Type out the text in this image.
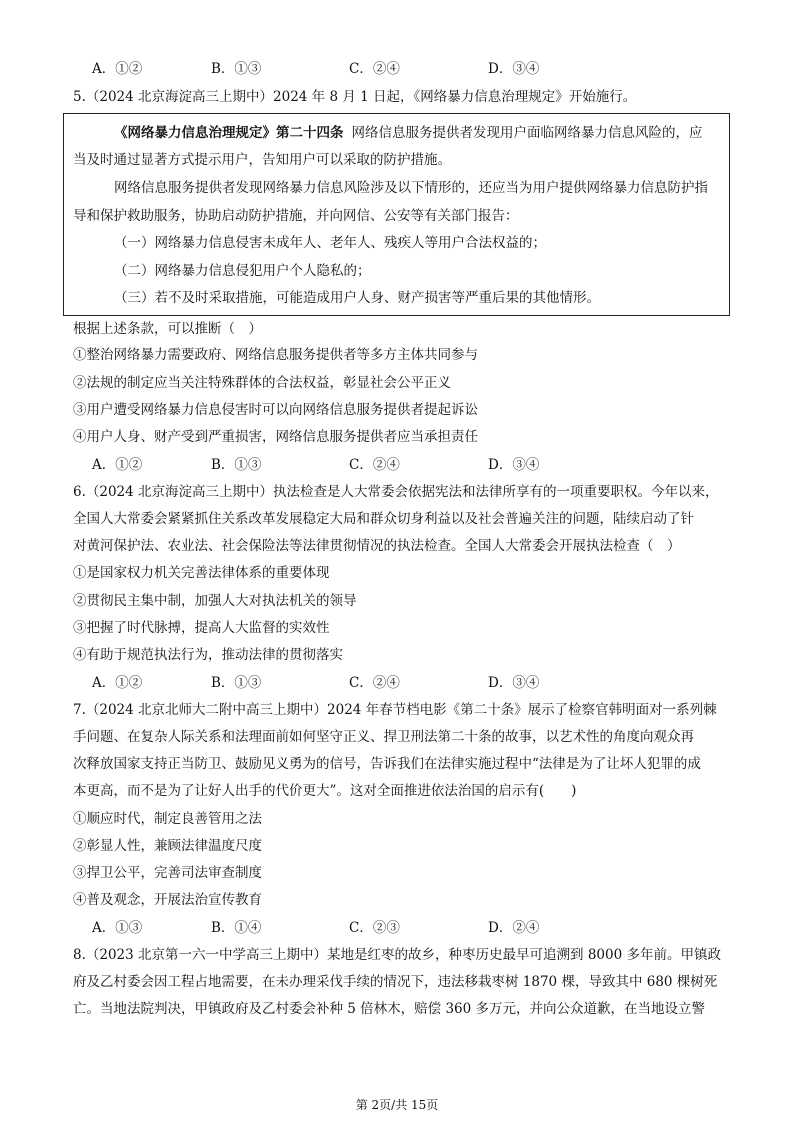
A．①②	B．①③	C．②④	D．③④
5.（2024 北京海淀高三上期中）2024 年 8 月 1 日起，《网络暴力信息治理规定》开始施行。
《网络暴力信息治理规定》第二十四条 网络信息服务提供者发现用户面临网络暴力信息风险的，应
当及时通过显著方式提示用户，告知用户可以采取的防护措施。
网络信息服务提供者发现网络暴力信息风险涉及以下情形的，还应当为用户提供网络暴力信息防护指
导和保护救助服务，协助启动防护措施，并向网信、公安等有关部门报告：
（一）网络暴力信息侵害未成年人、老年人、残疾人等用户合法权益的；
（二）网络暴力信息侵犯用户个人隐私的；
（三）若不及时采取措施，可能造成用户人身、财产损害等严重后果的其他情形。
根据上述条款，可以推断（　）
①整治网络暴力需要政府、网络信息服务提供者等多方主体共同参与
②法规的制定应当关注特殊群体的合法权益，彰显社会公平正义
③用户遭受网络暴力信息侵害时可以向网络信息服务提供者提起诉讼
④用户人身、财产受到严重损害，网络信息服务提供者应当承担责任
A．①②	B．①③	C．②④	D．③④
6.（2024 北京海淀高三上期中）执法检查是人大常委会依据宪法和法律所享有的一项重要职权。今年以来，
全国人大常委会紧紧抓住关系改革发展稳定大局和群众切身利益以及社会普遍关注的问题，陆续启动了针
对黄河保护法、农业法、社会保险法等法律贯彻情况的执法检查。全国人大常委会开展执法检查（　）
①是国家权力机关完善法律体系的重要体现
②贯彻民主集中制，加强人大对执法机关的领导
③把握了时代脉搏，提高人大监督的实效性
④有助于规范执法行为，推动法律的贯彻落实
A．①②	B．①③	C．②④	D．③④
7.（2024 北京北师大二附中高三上期中）2024 年春节档电影《第二十条》展示了检察官韩明面对一系列棘
手问题、在复杂人际关系和法理面前如何坚守正义、捍卫刑法第二十条的故事，以艺术性的角度向观众再
次释放国家支持正当防卫、鼓励见义勇为的信号，告诉我们在法律实施过程中“法律是为了让坏人犯罪的成
本更高，而不是为了让好人出手的代价更大”。这对全面推进依法治国的启示有(　　)
①顺应时代，制定良善管用之法
②彰显人性，兼顾法律温度尺度
③捍卫公平，完善司法审查制度
④普及观念，开展法治宣传教育
A．①③	B．①④	C．②③	D．②④
8.（2023 北京第一六一中学高三上期中）某地是红枣的故乡，种枣历史最早可追溯到 8000 多年前。甲镇政
府及乙村委会因工程占地需要，在未办理采伐手续的情况下，违法移栽枣树 1870 棵，导致其中 680 棵树死
亡。当地法院判决，甲镇政府及乙村委会补种 5 倍林木，赔偿 360 多万元，并向公众道歉，在当地设立警
第 2页/共 15页
